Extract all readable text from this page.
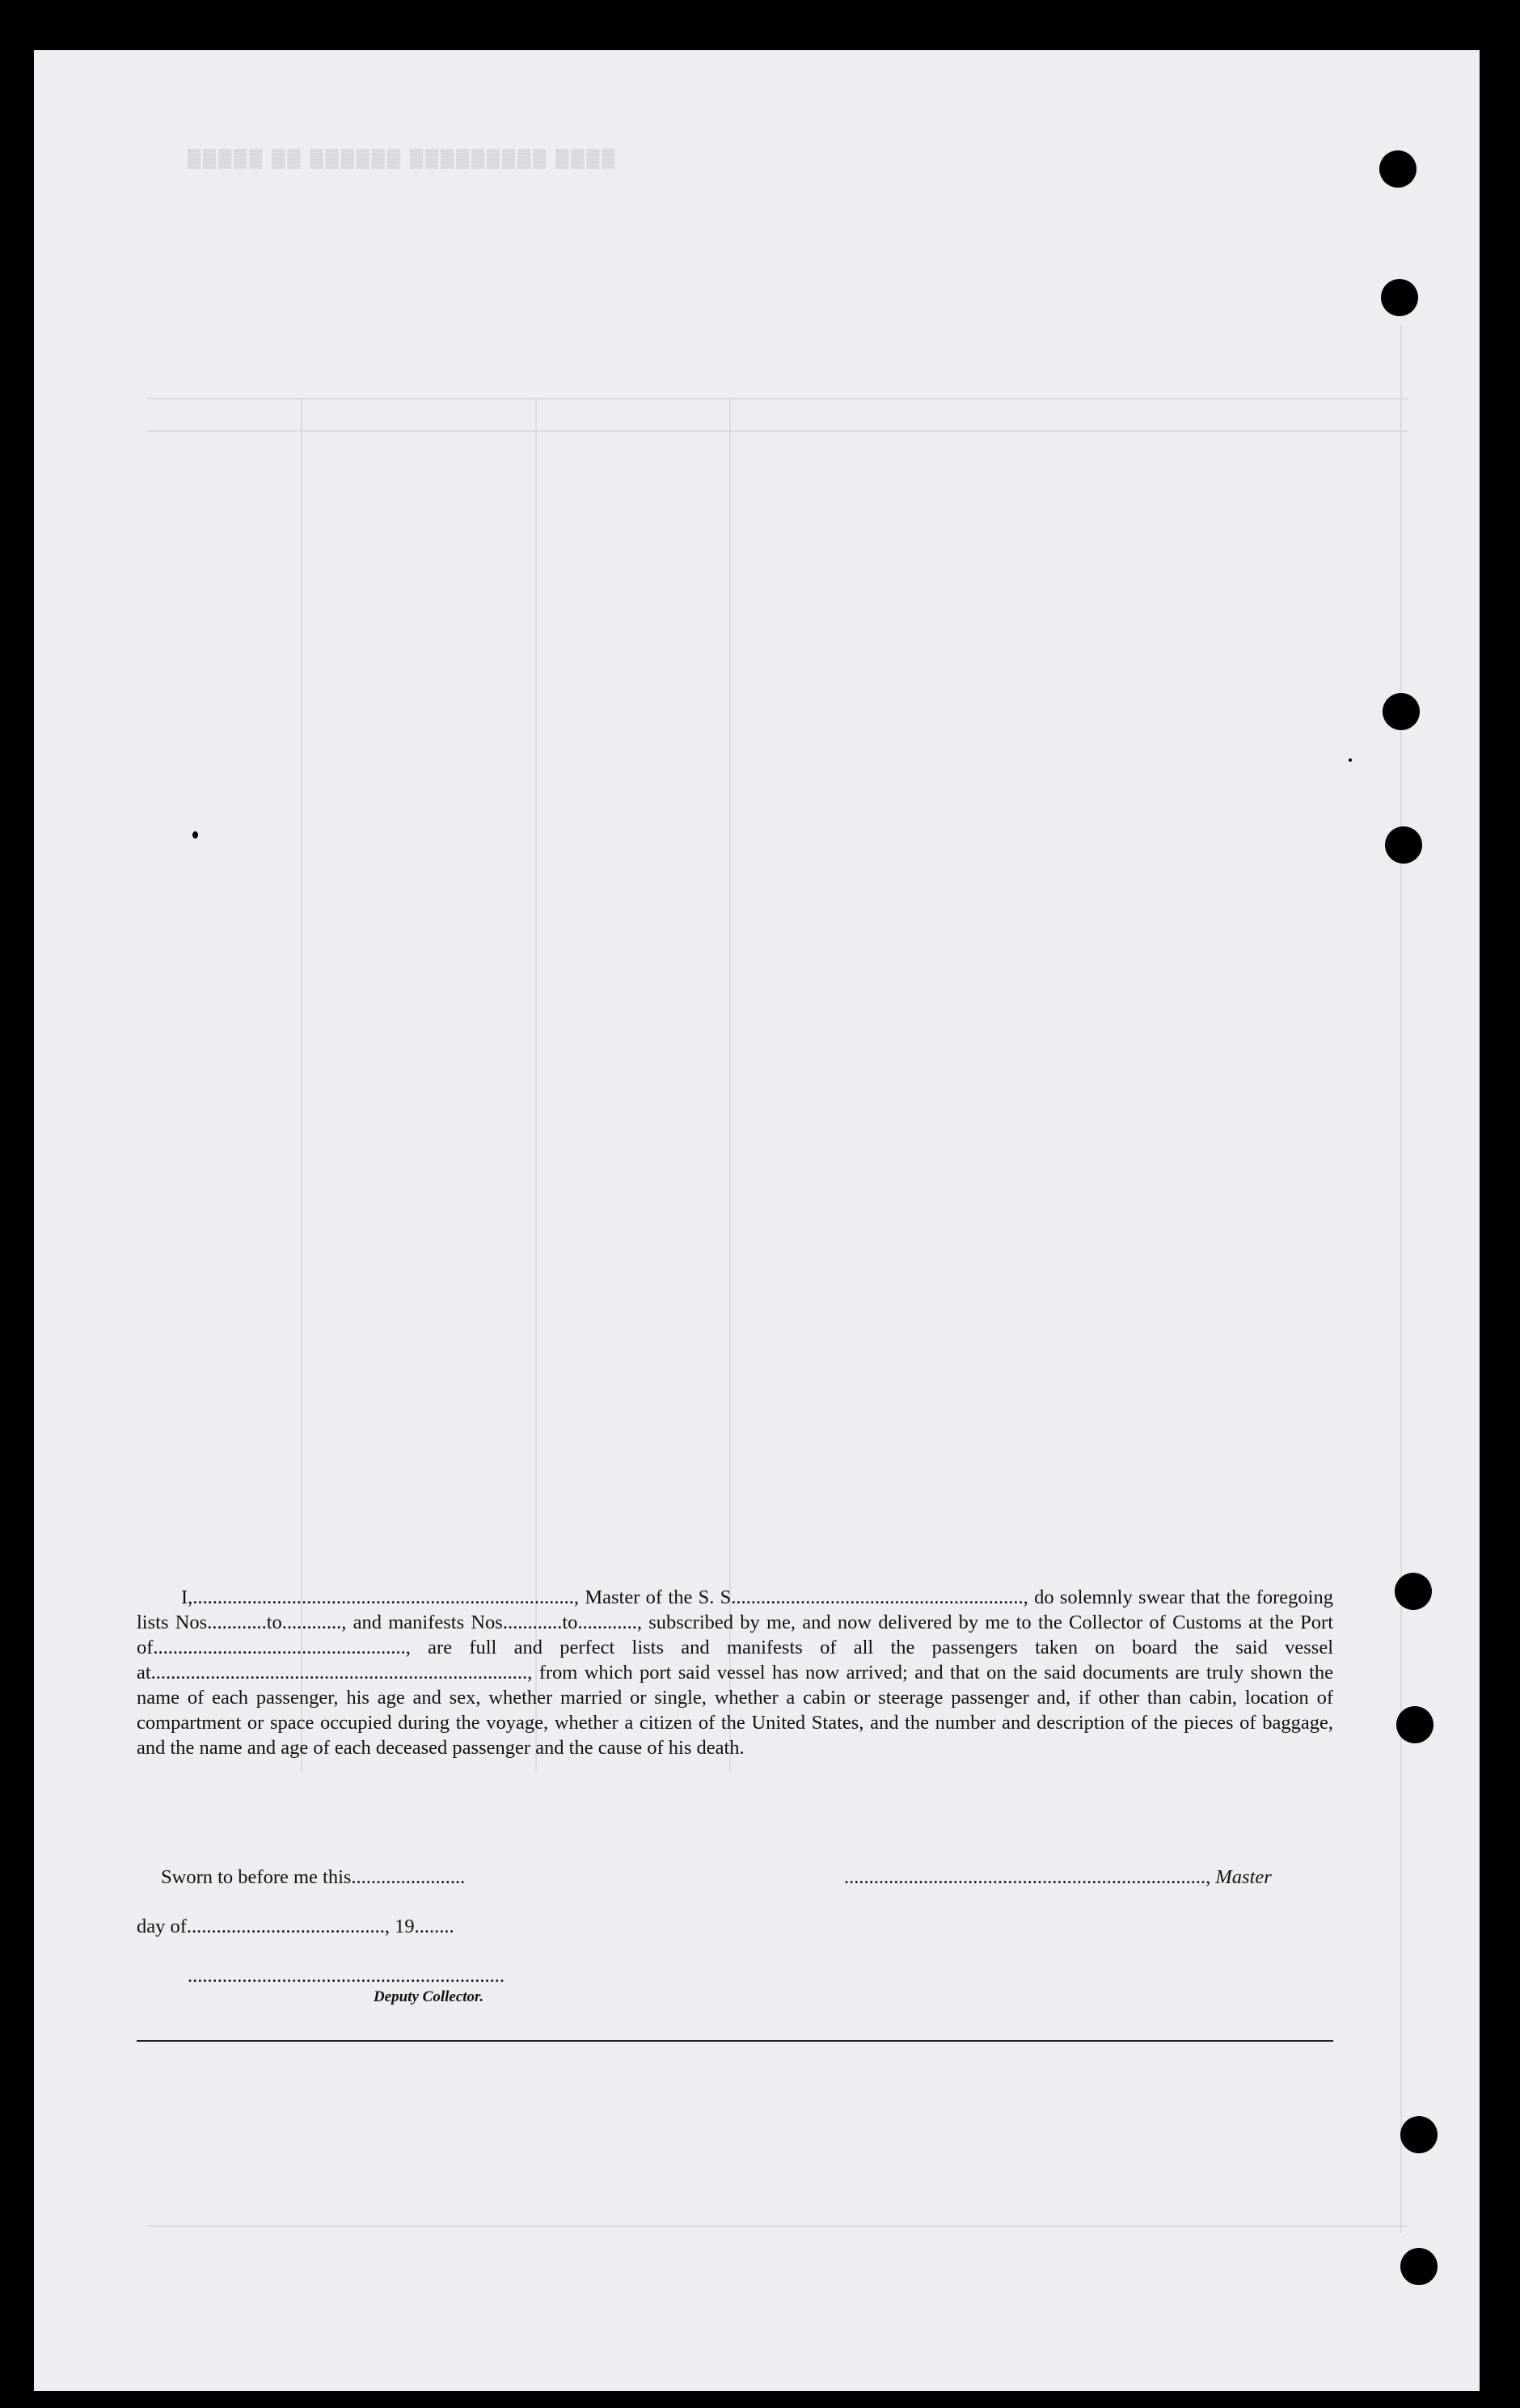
▓▓▓▓▓ ▓▓ ▓▓▓▓▓▓ ▓▓▓▓▓▓▓▓▓ ▓▓▓▓

I,............................................................................., Master of the S. S..........................................................., do solemnly swear that the foregoing lists Nos............to............, and manifests Nos............to............, subscribed by me, and now delivered by me to the Collector of Customs at the Port of..................................................., are full and perfect lists and manifests of all the passengers taken on board the said vessel at............................................................................, from which port said vessel has now arrived; and that on the said documents are truly shown the name of each passenger, his age and sex, whether married or single, whether a cabin or steerage passenger and, if other than cabin, location of compartment or space occupied during the voyage, whether a citizen of the United States, and the number and description of the pieces of baggage, and the name and age of each deceased passenger and the cause of his death.

Sworn to before me this.......................	........................................................................., Master
day of........................................, 19........
................................................................
Deputy Collector.
